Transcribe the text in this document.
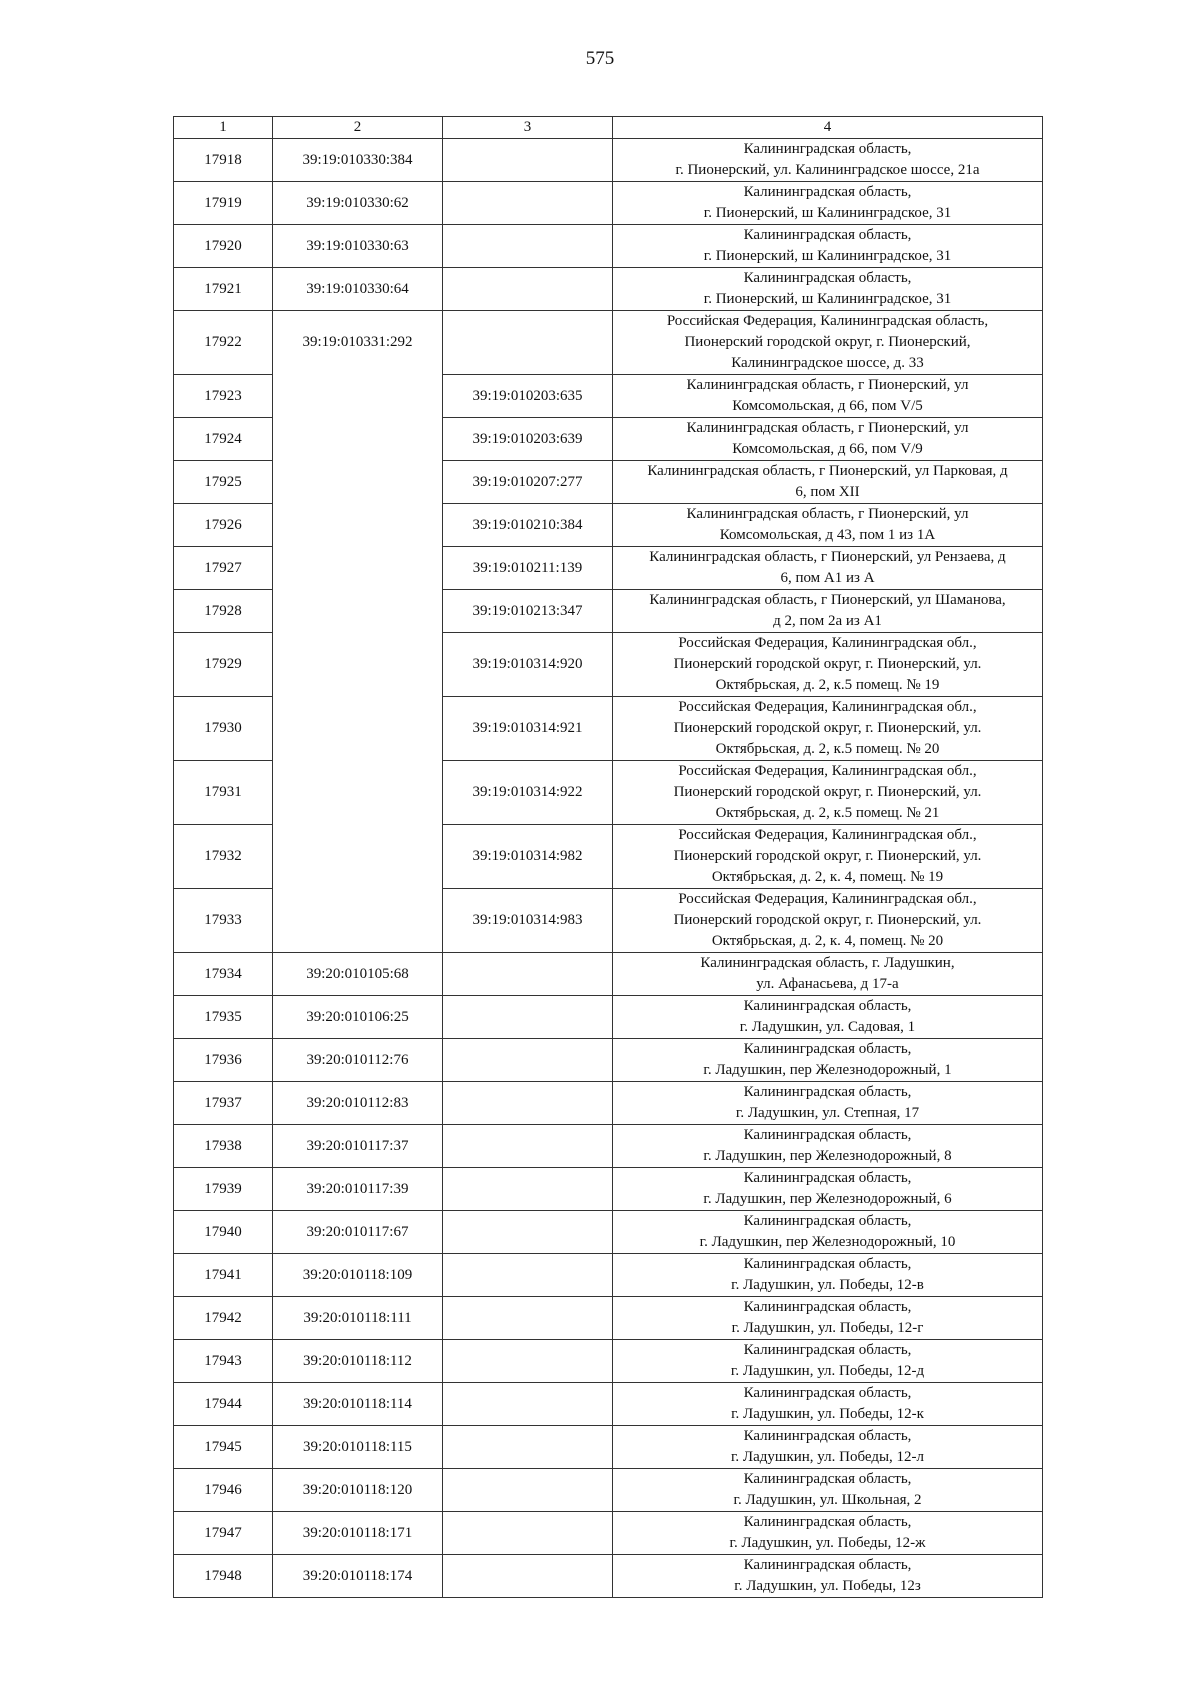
575
1	2	3	4
17918	39:19:010330:384		Калининградская область,
г. Пионерский, ул. Калининградское шоссе, 21а

17919	39:19:010330:62		Калининградская область,
г. Пионерский, ш Калининградское, 31

17920	39:19:010330:63		Калининградская область,
г. Пионерский, ш Калининградское, 31

17921	39:19:010330:64		Калининградская область,
г. Пионерский, ш Калининградское, 31

17922	39:19:010331:292		Российская Федерация, Калининградская область,
Пионерский городской округ, г. Пионерский,
Калининградское шоссе, д. 33

17923		39:19:010203:635	Калининградская область, г Пионерский, ул
Комсомольская, д 66, пом V/5

17924		39:19:010203:639	Калининградская область, г Пионерский, ул
Комсомольская, д 66, пом V/9

17925		39:19:010207:277	Калининградская область, г Пионерский, ул Парковая, д
6, пом XII

17926		39:19:010210:384	Калининградская область, г Пионерский, ул
Комсомольская, д 43, пом 1 из 1А

17927		39:19:010211:139	Калининградская область, г Пионерский, ул Рензаева, д
6, пом А1 из А

17928		39:19:010213:347	Калининградская область, г Пионерский, ул Шаманова,
д 2, пом 2а из А1

17929		39:19:010314:920	Российская Федерация, Калининградская обл.,
Пионерский городской округ, г. Пионерский, ул.
Октябрьская, д. 2, к.5 помещ. № 19

17930		39:19:010314:921	Российская Федерация, Калининградская обл.,
Пионерский городской округ, г. Пионерский, ул.
Октябрьская, д. 2, к.5 помещ. № 20

17931		39:19:010314:922	Российская Федерация, Калининградская обл.,
Пионерский городской округ, г. Пионерский, ул.
Октябрьская, д. 2, к.5 помещ. № 21

17932		39:19:010314:982	Российская Федерация, Калининградская обл.,
Пионерский городской округ, г. Пионерский, ул.
Октябрьская, д. 2, к. 4, помещ. № 19

17933		39:19:010314:983	Российская Федерация, Калининградская обл.,
Пионерский городской округ, г. Пионерский, ул.
Октябрьская, д. 2, к. 4, помещ. № 20

17934	39:20:010105:68		Калининградская область, г. Ладушкин,
ул. Афанасьева, д 17-а

17935	39:20:010106:25		Калининградская область,
г. Ладушкин, ул. Садовая, 1

17936	39:20:010112:76		Калининградская область,
г. Ладушкин, пер Железнодорожный, 1

17937	39:20:010112:83		Калининградская область,
г. Ладушкин, ул. Степная, 17

17938	39:20:010117:37		Калининградская область,
г. Ладушкин, пер Железнодорожный, 8

17939	39:20:010117:39		Калининградская область,
г. Ладушкин, пер Железнодорожный, 6

17940	39:20:010117:67		Калининградская область,
г. Ладушкин, пер Железнодорожный, 10

17941	39:20:010118:109		Калининградская область,
г. Ладушкин, ул. Победы, 12-в

17942	39:20:010118:111		Калининградская область,
г. Ладушкин, ул. Победы, 12-г

17943	39:20:010118:112		Калининградская область,
г. Ладушкин, ул. Победы, 12-д

17944	39:20:010118:114		Калининградская область,
г. Ладушкин, ул. Победы, 12-к

17945	39:20:010118:115		Калининградская область,
г. Ладушкин, ул. Победы, 12-л

17946	39:20:010118:120		Калининградская область,
г. Ладушкин, ул. Школьная, 2

17947	39:20:010118:171		Калининградская область,
г. Ладушкин, ул. Победы, 12-ж

17948	39:20:010118:174		Калининградская область,
г. Ладушкин, ул. Победы, 12з
